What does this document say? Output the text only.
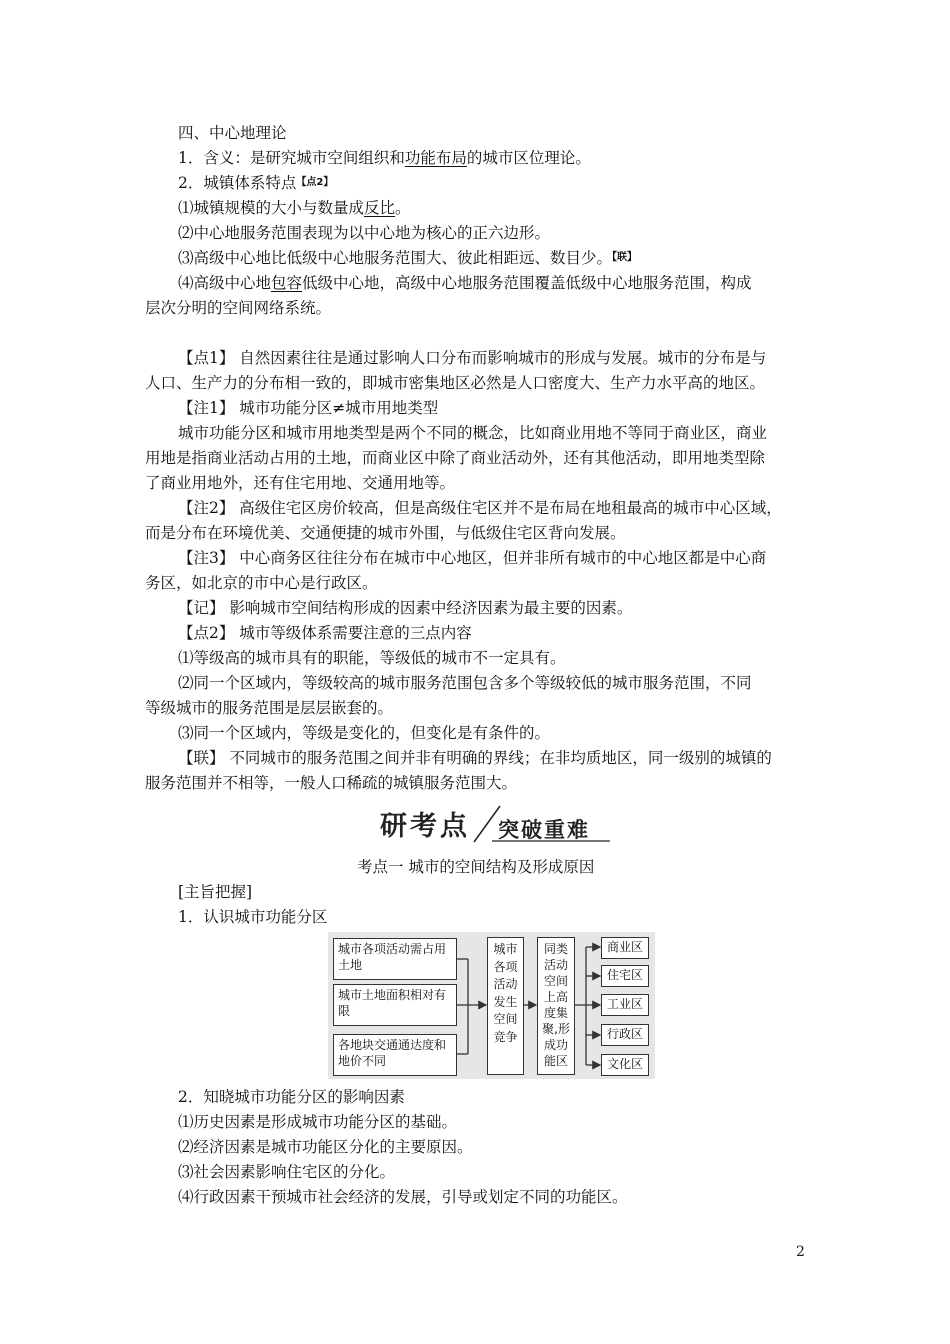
四、中心地理论
1．含义：是研究城市空间组织和功能布局的城市区位理论。
2．城镇体系特点【点2】
⑴城镇规模的大小与数量成反比。
⑵中心地服务范围表现为以中心地为核心的正六边形。
⑶高级中心地比低级中心地服务范围大、彼此相距远、数目少。【联】
⑷高级中心地包容低级中心地，高级中心地服务范围覆盖低级中心地服务范围，构成
层次分明的空间网络系统。
【点1】 自然因素往往是通过影响人口分布而影响城市的形成与发展。城市的分布是与
人口、生产力的分布相一致的，即城市密集地区必然是人口密度大、生产力水平高的地区。
【注1】 城市功能分区≠城市用地类型
城市功能分区和城市用地类型是两个不同的概念，比如商业用地不等同于商业区，商业
用地是指商业活动占用的土地，而商业区中除了商业活动外，还有其他活动，即用地类型除
了商业用地外，还有住宅用地、交通用地等。
【注2】 高级住宅区房价较高，但是高级住宅区并不是布局在地租最高的城市中心区域，
而是分布在环境优美、交通便捷的城市外围，与低级住宅区背向发展。
【注3】 中心商务区往往分布在城市中心地区，但并非所有城市的中心地区都是中心商
务区，如北京的市中心是行政区。
【记】 影响城市空间结构形成的因素中经济因素为最主要的因素。
【点2】 城市等级体系需要注意的三点内容
⑴等级高的城市具有的职能，等级低的城市不一定具有。
⑵同一个区域内，等级较高的城市服务范围包含多个等级较低的城市服务范围，不同
等级城市的服务范围是层层嵌套的。
⑶同一个区域内，等级是变化的，但变化是有条件的。
【联】 不同城市的服务范围之间并非有明确的界线；在非均质地区，同一级别的城镇的
服务范围并不相等，一般人口稀疏的城镇服务范围大。
研考点 突破重难
考点一 城市的空间结构及形成原因
[主旨把握]
1．认识城市功能分区
城市各项活动需占用土地
城市土地面积相对有限
各地块交通通达度和地价不同
城市
各项
活动
发生
空间
竞争
同类
活动
空间
上高
度集
聚,形
成功
能区
商业区
住宅区
工业区
行政区
文化区
2．知晓城市功能分区的影响因素
⑴历史因素是形成城市功能分区的基础。
⑵经济因素是城市功能区分化的主要原因。
⑶社会因素影响住宅区的分化。
⑷行政因素干预城市社会经济的发展，引导或划定不同的功能区。
2
